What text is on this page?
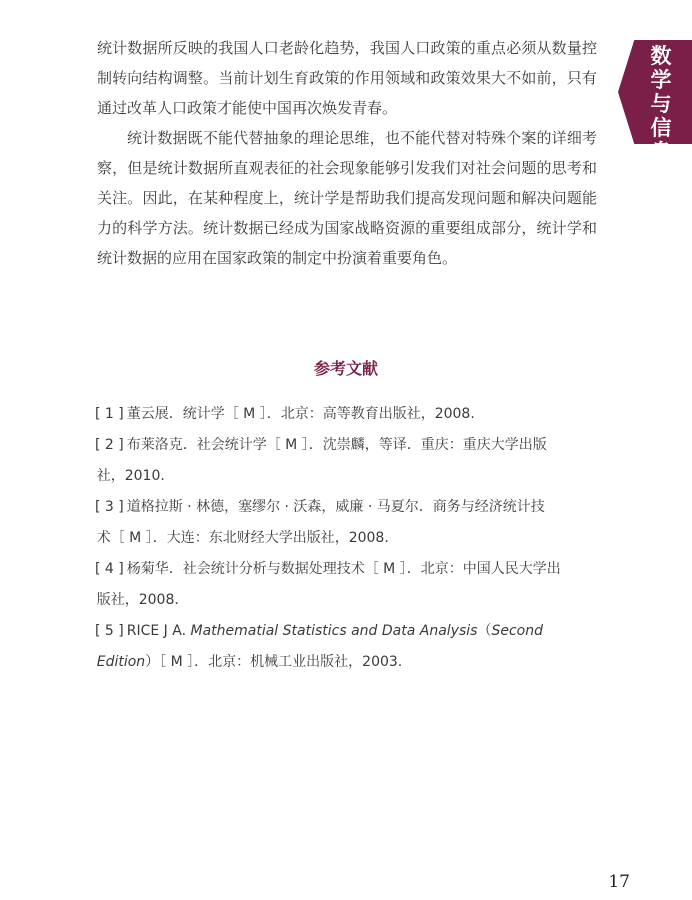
数学与信息

统计数据所反映的我国人口老龄化趋势，我国人口政策的重点必须从数量控制转向结构调整。当前计划生育政策的作用领域和政策效果大不如前，只有通过改革人口政策才能使中国再次焕发青春。

统计数据既不能代替抽象的理论思维，也不能代替对特殊个案的详细考察，但是统计数据所直观表征的社会现象能够引发我们对社会问题的思考和关注。因此，在某种程度上，统计学是帮助我们提高发现问题和解决问题能力的科学方法。统计数据已经成为国家战略资源的重要组成部分，统计学和统计数据的应用在国家政策的制定中扮演着重要角色。

参考文献
[ 1 ] 董云展．统计学［ M ］．北京：高等教育出版社，2008.
[ 2 ] 布莱洛克．社会统计学［ M ］．沈崇麟，等译．重庆：重庆大学出版
社，2010.
[ 3 ] 道格拉斯 · 林德，塞缪尔 · 沃森，威廉 · 马夏尔．商务与经济统计技
术［ M ］．大连：东北财经大学出版社，2008.
[ 4 ] 杨菊华．社会统计分析与数据处理技术［ M ］．北京：中国人民大学出
版社，2008.
[ 5 ] RICE J A. Mathematial Statistics and Data Analysis（Second
Edition）［ M ］．北京：机械工业出版社，2003.
17
